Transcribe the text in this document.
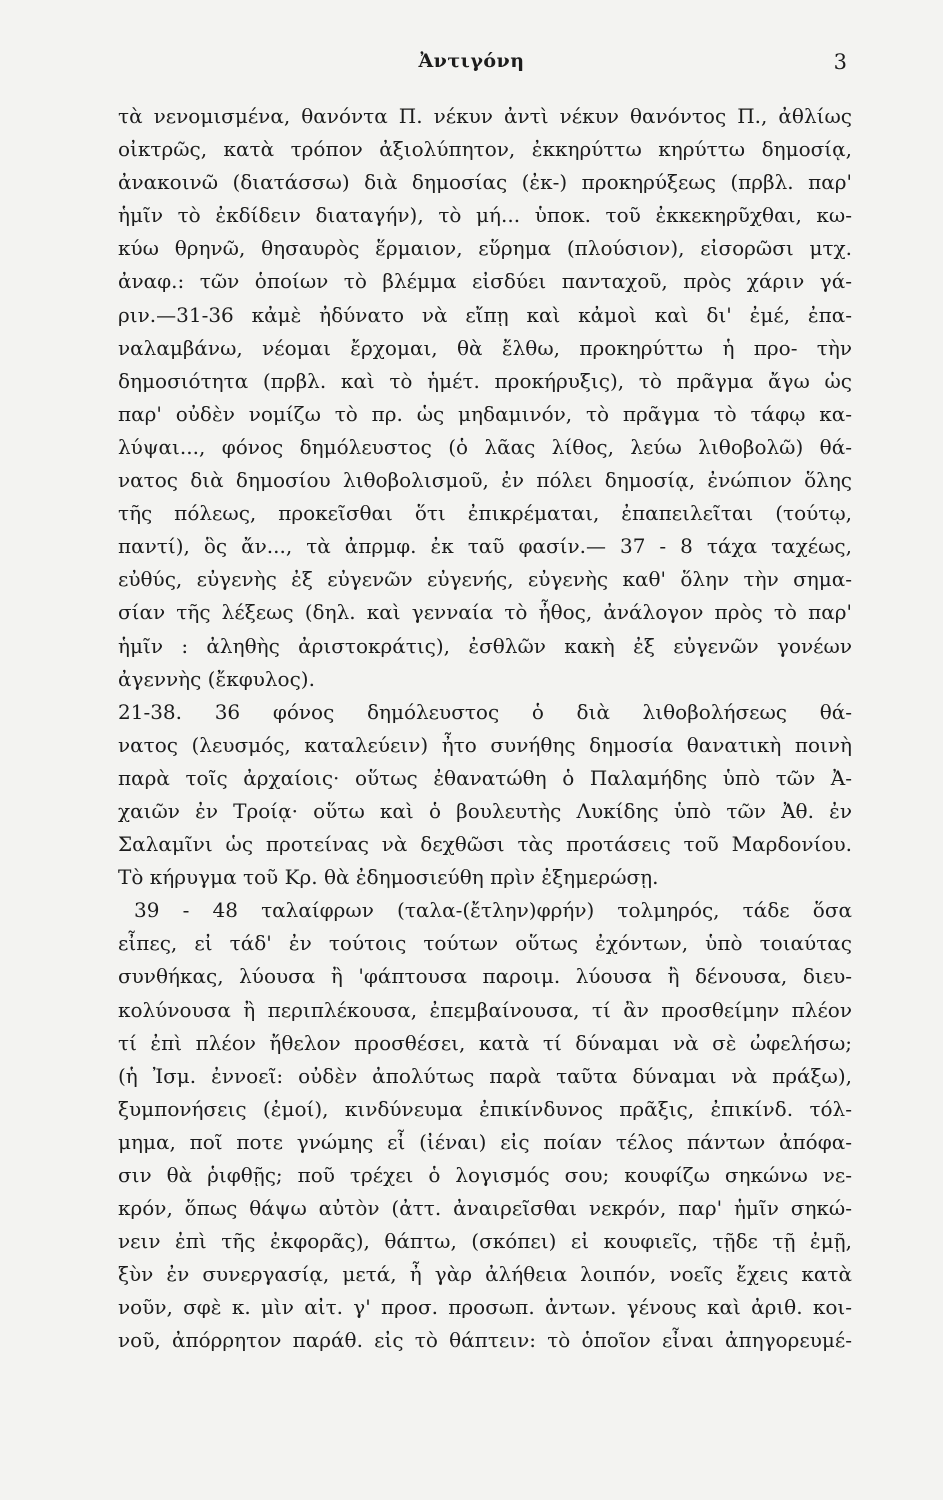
Ἀντιγόνη	3
τὰ νενομισμένα, θανόντα Π. νέκυν ἀντὶ νέκυν θανόντος Π., ἀθλίως
οἰκτρῶς, κατὰ τρόπον ἀξιολύπητον, ἐκκηρύττω κηρύττω δημοσίᾳ,
ἀνακοινῶ (διατάσσω) διὰ δημοσίας (ἐκ-) προκηρύξεως (πρβλ. παρ'
ἡμῖν τὸ ἐκδίδειν διαταγήν), τὸ μή... ὑποκ. τοῦ ἐκκεκηρῦχθαι, κω-
κύω θρηνῶ, θησαυρὸς ἕρμαιον, εὕρημα (πλούσιον), εἰσορῶσι μτχ.
ἀναφ.: τῶν ὁποίων τὸ βλέμμα εἰσδύει πανταχοῦ, πρὸς χάριν γά-
ριν.—31-36 κἀμὲ ἠδύνατο νὰ εἴπῃ καὶ κἀμοὶ καὶ δι' ἐμέ, ἐπα-
ναλαμβάνω, νέομαι ἔρχομαι, θὰ ἔλθω, προκηρύττω ἡ προ- τὴν
δημοσιότητα (πρβλ. καὶ τὸ ἡμέτ. προκήρυξις), τὸ πρᾶγμα ἄγω ὡς
παρ' οὐδὲν νομίζω τὸ πρ. ὡς μηδαμινόν, τὸ πρᾶγμα τὸ τάφῳ κα-
λύψαι..., φόνος δημόλευστος (ὁ λᾶας λίθος, λεύω λιθοβολῶ) θά-
νατος διὰ δημοσίου λιθοβολισμοῦ, ἐν πόλει δημοσίᾳ, ἐνώπιον ὅλης
τῆς πόλεως, προκεῖσθαι ὅτι ἐπικρέμαται, ἐπαπειλεῖται (τούτῳ,
παντί), ὃς ἄν..., τὰ ἀπρμφ. ἐκ ταῦ φασίν.— 37 - 8 τάχα ταχέως,
εὐθύς, εὐγενὴς ἐξ εὐγενῶν εὐγενής, εὐγενὴς καθ' ὅλην τὴν σημα-
σίαν τῆς λέξεως (δηλ. καὶ γενναία τὸ ἦθος, ἀνάλογον πρὸς τὸ παρ'
ἡμῖν : ἀληθὴς ἀριστοκράτις), ἐσθλῶν κακὴ ἐξ εὐγενῶν γονέων
ἀγεννὴς (ἔκφυλος).
21-38. 36 φόνος δημόλευστος ὁ διὰ λιθοβολήσεως θά-
νατος (λευσμός, καταλεύειν) ἦτο συνήθης δημοσία θανατικὴ ποινὴ
παρὰ τοῖς ἀρχαίοις· οὕτως ἐθανατώθη ὁ Παλαμήδης ὑπὸ τῶν Ἀ-
χαιῶν ἐν Τροίᾳ· οὕτω καὶ ὁ βουλευτὴς Λυκίδης ὑπὸ τῶν Ἀθ. ἐν
Σαλαμῖνι ὡς προτείνας νὰ δεχθῶσι τὰς προτάσεις τοῦ Μαρδονίου.
Τὸ κήρυγμα τοῦ Κρ. θὰ ἐδημοσιεύθη πρὶν ἐξημερώσῃ.
39 - 48 ταλαίφρων (ταλα-(ἔτλην)φρήν) τολμηρός, τάδε ὅσα
εἶπες, εἰ τάδ' ἐν τούτοις τούτων οὕτως ἐχόντων, ὑπὸ τοιαύτας
συνθήκας, λύουσα ἢ 'φάπτουσα παροιμ. λύουσα ἢ δένουσα, διευ-
κολύνουσα ἢ περιπλέκουσα, ἐπεμβαίνουσα, τί ἂν προσθείμην πλέον
τί ἐπὶ πλέον ἤθελον προσθέσει, κατὰ τί δύναμαι νὰ σὲ ὠφελήσω;
(ἡ Ἰσμ. ἐννοεῖ: οὐδὲν ἀπολύτως παρὰ ταῦτα δύναμαι νὰ πράξω),
ξυμπονήσεις (ἐμοί), κινδύνευμα ἐπικίνδυνος πρᾶξις, ἐπικίνδ. τόλ-
μημα, ποῖ ποτε γνώμης εἶ (ἰέναι) εἰς ποίαν τέλος πάντων ἀπόφα-
σιν θὰ ῥιφθῇς; ποῦ τρέχει ὁ λογισμός σου; κουφίζω σηκώνω νε-
κρόν, ὅπως θάψω αὐτὸν (ἀττ. ἀναιρεῖσθαι νεκρόν, παρ' ἡμῖν σηκώ-
νειν ἐπὶ τῆς ἐκφορᾶς), θάπτω, (σκόπει) εἰ κουφιεῖς, τῇδε τῇ ἐμῇ,
ξὺν ἐν συνεργασίᾳ, μετά, ἦ γὰρ ἀλήθεια λοιπόν, νοεῖς ἔχεις κατὰ
νοῦν, σφὲ κ. μὶν αἰτ. γ' προσ. προσωπ. ἀντων. γένους καὶ ἀριθ. κοι-
νοῦ, ἀπόρρητον παράθ. εἰς τὸ θάπτειν: τὸ ὁποῖον εἶναι ἀπηγορευμέ-
